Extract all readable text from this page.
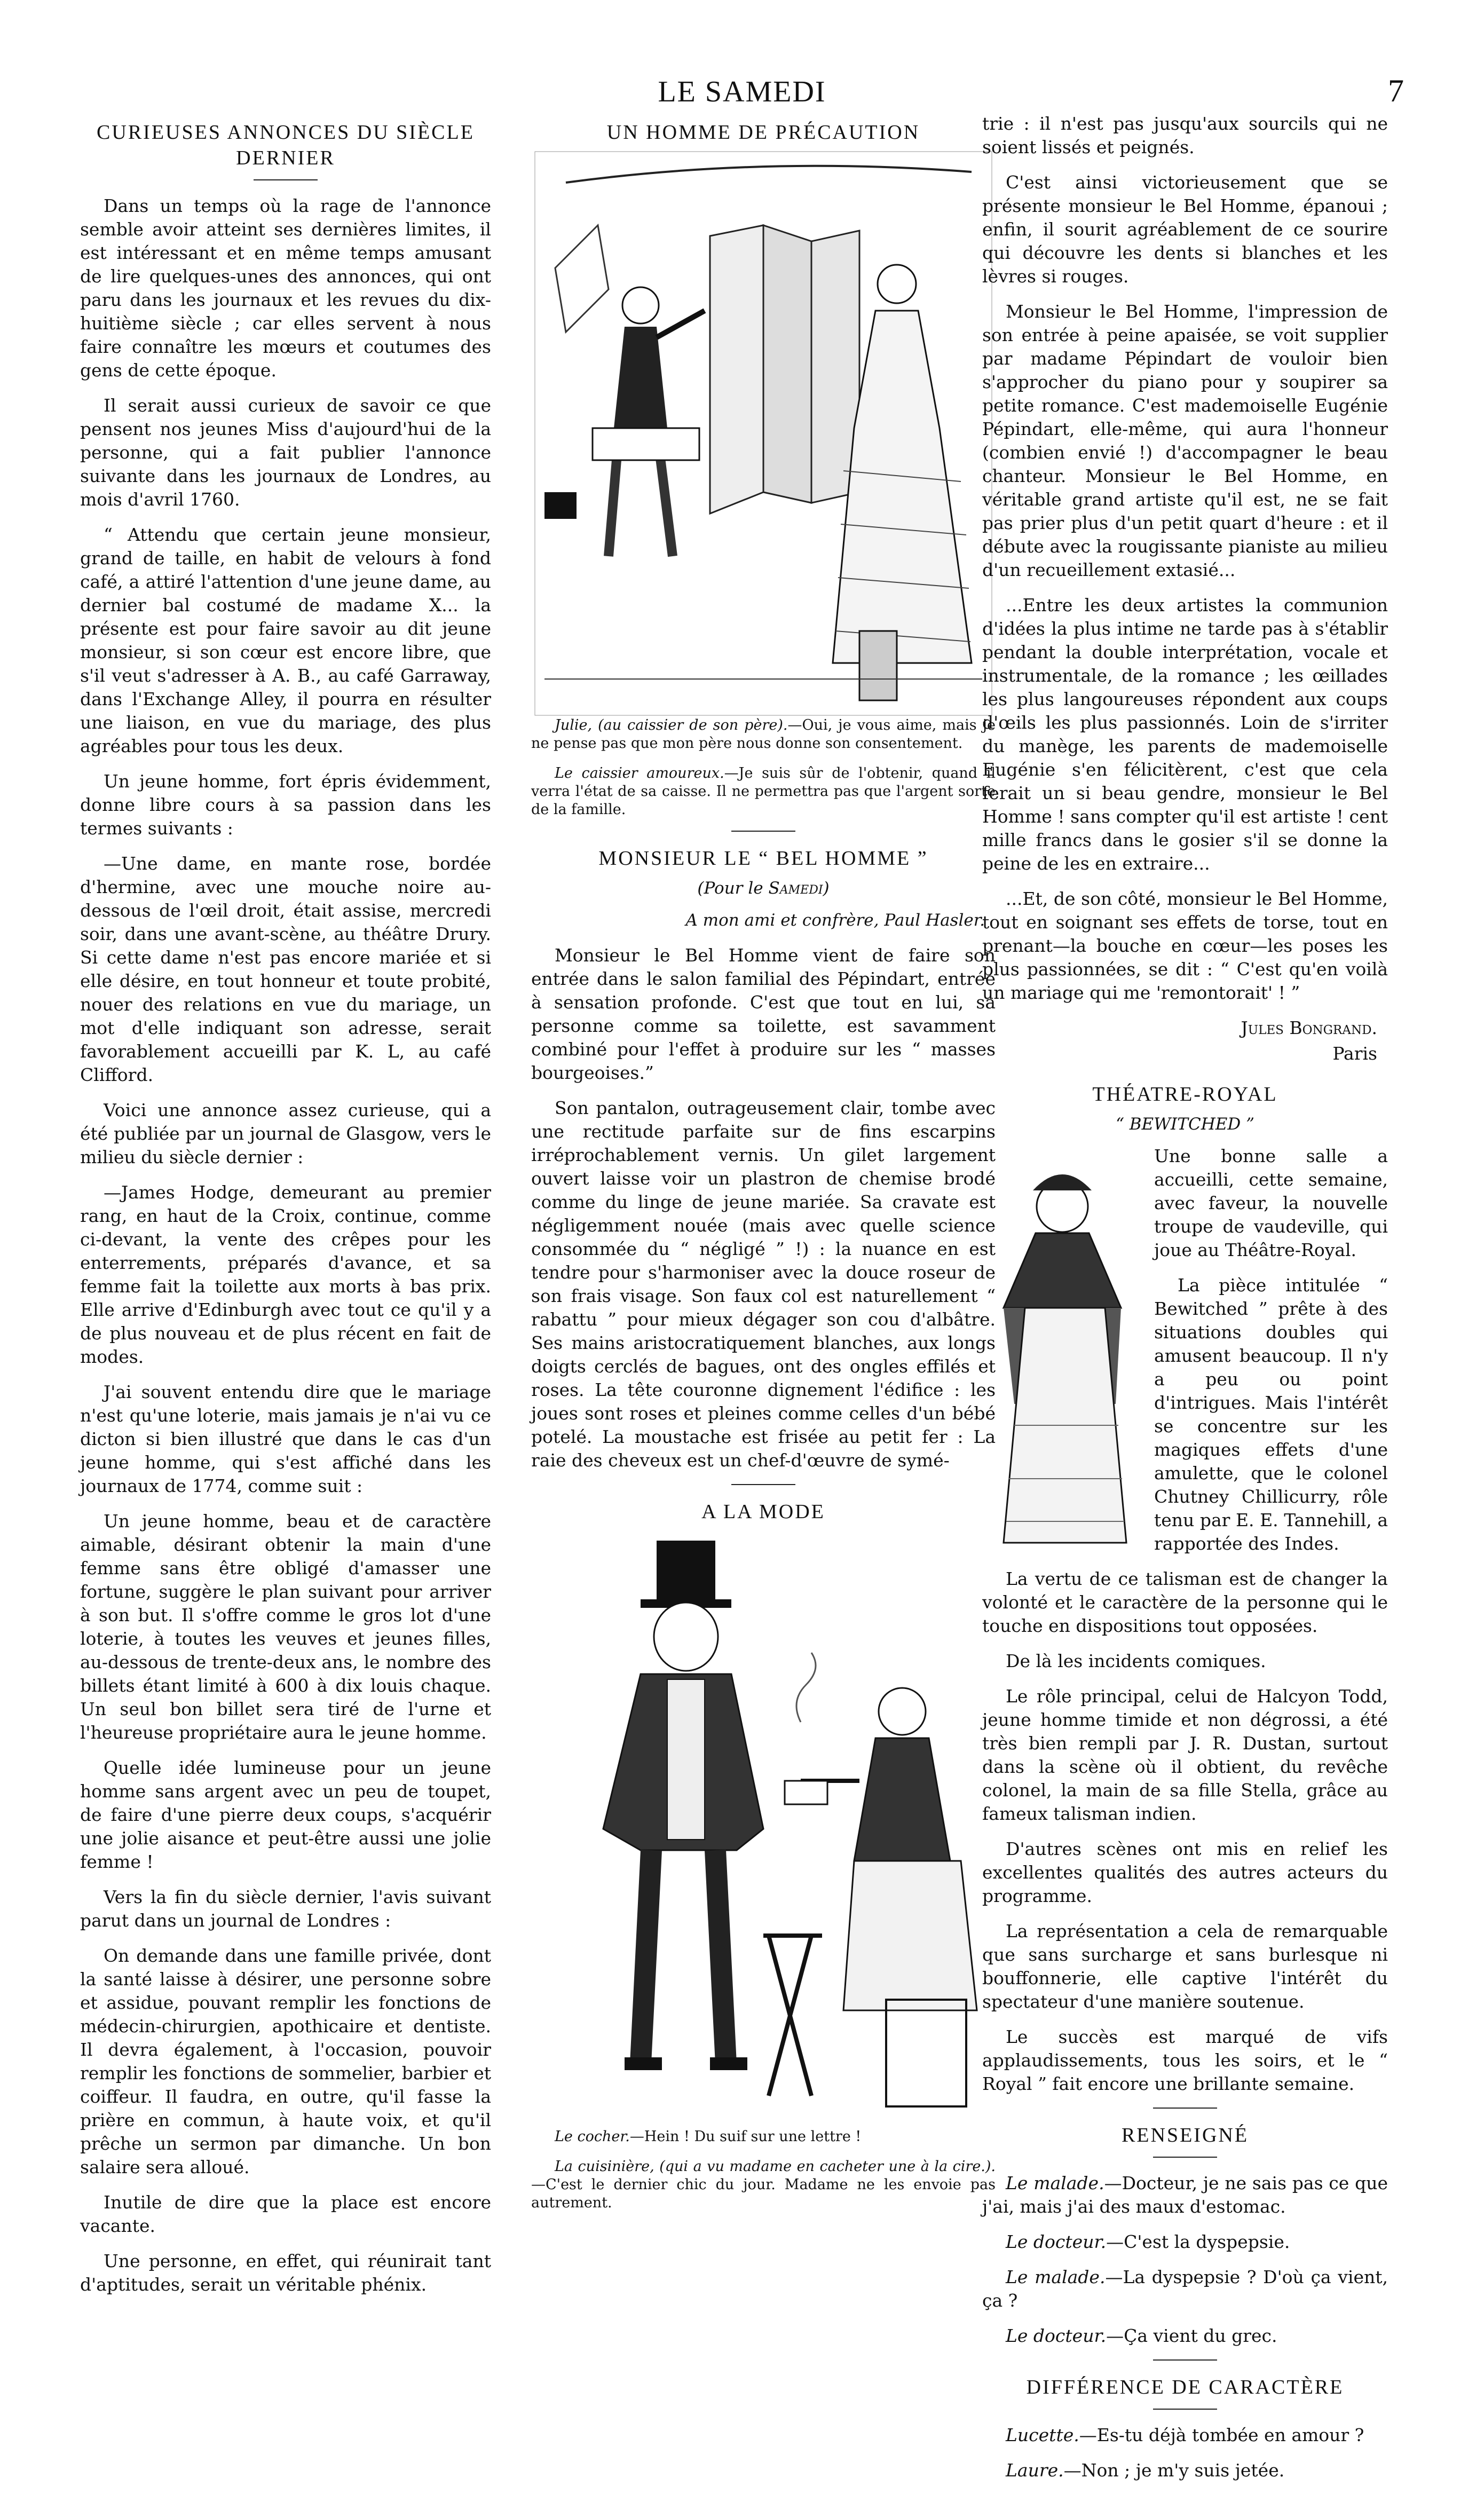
LE SAMEDI	7
CURIEUSES ANNONCES DU SIÈCLE DERNIER

Dans un temps où la rage de l'annonce semble avoir atteint ses dernières limites, il est intéressant et en même temps amusant de lire quelques-unes des annonces, qui ont paru dans les journaux et les revues du dix-huitième siècle ; car elles servent à nous faire connaître les mœurs et coutumes des gens de cette époque.

Il serait aussi curieux de savoir ce que pensent nos jeunes Miss d'aujourd'hui de la personne, qui a fait publier l'annonce suivante dans les journaux de Londres, au mois d'avril 1760.

“ Attendu que certain jeune monsieur, grand de taille, en habit de velours à fond café, a attiré l'attention d'une jeune dame, au dernier bal costumé de madame X... la présente est pour faire savoir au dit jeune monsieur, si son cœur est encore libre, que s'il veut s'adresser à A. B., au café Garraway, dans l'Exchange Alley, il pourra en résulter une liaison, en vue du mariage, des plus agréables pour tous les deux.

Un jeune homme, fort épris évidemment, donne libre cours à sa passion dans les termes suivants :

—Une dame, en mante rose, bordée d'hermine, avec une mouche noire au-dessous de l'œil droit, était assise, mercredi soir, dans une avant-scène, au théâtre Drury. Si cette dame n'est pas encore mariée et si elle désire, en tout honneur et toute probité, nouer des relations en vue du mariage, un mot d'elle indiquant son adresse, serait favorablement accueilli par K. L, au café Clifford.

Voici une annonce assez curieuse, qui a été publiée par un journal de Glasgow, vers le milieu du siècle dernier :

—James Hodge, demeurant au premier rang, en haut de la Croix, continue, comme ci-devant, la vente des crêpes pour les enterrements, préparés d'avance, et sa femme fait la toilette aux morts à bas prix. Elle arrive d'Edinburgh avec tout ce qu'il y a de plus nouveau et de plus récent en fait de modes.

J'ai souvent entendu dire que le mariage n'est qu'une loterie, mais jamais je n'ai vu ce dicton si bien illustré que dans le cas d'un jeune homme, qui s'est affiché dans les journaux de 1774, comme suit :

Un jeune homme, beau et de caractère aimable, désirant obtenir la main d'une femme sans être obligé d'amasser une fortune, suggère le plan suivant pour arriver à son but. Il s'offre comme le gros lot d'une loterie, à toutes les veuves et jeunes filles, au-dessous de trente-deux ans, le nombre des billets étant limité à 600 à dix louis chaque. Un seul bon billet sera tiré de l'urne et l'heureuse propriétaire aura le jeune homme.

Quelle idée lumineuse pour un jeune homme sans argent avec un peu de toupet, de faire d'une pierre deux coups, s'acquérir une jolie aisance et peut-être aussi une jolie femme !

Vers la fin du siècle dernier, l'avis suivant parut dans un journal de Londres :

On demande dans une famille privée, dont la santé laisse à désirer, une personne sobre et assidue, pouvant remplir les fonctions de médecin-chirurgien, apothicaire et dentiste. Il devra également, à l'occasion, pouvoir remplir les fonctions de sommelier, barbier et coiffeur. Il faudra, en outre, qu'il fasse la prière en commun, à haute voix, et qu'il prêche un sermon par dimanche. Un bon salaire sera alloué.

Inutile de dire que la place est encore vacante.

Une personne, en effet, qui réunirait tant d'aptitudes, serait un véritable phénix.

UN HOMME DE PRÉCAUTION

Julie, (au caissier de son père).—Oui, je vous aime, mais je ne pense pas que mon père nous donne son consentement.

Le caissier amoureux.—Je suis sûr de l'obtenir, quand il verra l'état de sa caisse. Il ne permettra pas que l'argent sorte de la famille.

MONSIEUR LE “ BEL HOMME ”
(Pour le Samedi)
A mon ami et confrère, Paul Hasler.

Monsieur le Bel Homme vient de faire son entrée dans le salon familial des Pépindart, entrée à sensation profonde. C'est que tout en lui, sa personne comme sa toilette, est savamment combiné pour l'effet à produire sur les “ masses bourgeoises.”

Son pantalon, outrageusement clair, tombe avec une rectitude parfaite sur de fins escarpins irréprochablement vernis. Un gilet largement ouvert laisse voir un plastron de chemise brodé comme du linge de jeune mariée. Sa cravate est négligemment nouée (mais avec quelle science consommée du “ négligé ” !) : la nuance en est tendre pour s'harmoniser avec la douce roseur de son frais visage. Son faux col est naturellement “ rabattu ” pour mieux dégager son cou d'albâtre. Ses mains aristocratiquement blanches, aux longs doigts cerclés de bagues, ont des ongles effilés et roses. La tête couronne dignement l'édifice : les joues sont roses et pleines comme celles d'un bébé potelé. La moustache est frisée au petit fer : La raie des cheveux est un chef-d'œuvre de symé-

A LA MODE

Le cocher.—Hein ! Du suif sur une lettre !

La cuisinière, (qui a vu madame en cacheter une à la cire.).—C'est le dernier chic du jour. Madame ne les envoie pas autrement.

trie : il n'est pas jusqu'aux sourcils qui ne soient lissés et peignés.

C'est ainsi victorieusement que se présente monsieur le Bel Homme, épanoui ; enfin, il sourit agréablement de ce sourire qui découvre les dents si blanches et les lèvres si rouges.

Monsieur le Bel Homme, l'impression de son entrée à peine apaisée, se voit supplier par madame Pépindart de vouloir bien s'approcher du piano pour y soupirer sa petite romance. C'est mademoiselle Eugénie Pépindart, elle-même, qui aura l'honneur (combien envié !) d'accompagner le beau chanteur. Monsieur le Bel Homme, en véritable grand artiste qu'il est, ne se fait pas prier plus d'un petit quart d'heure : et il débute avec la rougissante pianiste au milieu d'un recueillement extasié...

...Entre les deux artistes la communion d'idées la plus intime ne tarde pas à s'établir pendant la double interprétation, vocale et instrumentale, de la romance ; les œillades les plus langoureuses répondent aux coups d'œils les plus passionnés. Loin de s'irriter du manège, les parents de mademoiselle Eugénie s'en félicitèrent, c'est que cela ferait un si beau gendre, monsieur le Bel Homme ! sans compter qu'il est artiste ! cent mille francs dans le gosier s'il se donne la peine de les en extraire...

...Et, de son côté, monsieur le Bel Homme, tout en soignant ses effets de torse, tout en prenant—la bouche en cœur—les poses les plus passionnées, se dit : “ C'est qu'en voilà un mariage qui me 'remontorait' ! ”

Jules Bongrand.
Paris
THÉATRE-ROYAL
“ BEWITCHED ”

Une bonne salle a accueilli, cette semaine, avec faveur, la nouvelle troupe de vaudeville, qui joue au Théâtre-Royal.

La pièce intitulée “ Bewitched ” prête à des situations doubles qui amusent beaucoup. Il n'y a peu ou point d'intrigues. Mais l'intérêt se concentre sur les magiques effets d'une amulette, que le colonel Chutney Chillicurry, rôle tenu par E. E. Tannehill, a rapportée des Indes.

La vertu de ce talisman est de changer la volonté et le caractère de la personne qui le touche en dispositions tout opposées.

De là les incidents comiques.

Le rôle principal, celui de Halcyon Todd, jeune homme timide et non dégrossi, a été très bien rempli par J. R. Dustan, surtout dans la scène où il obtient, du revêche colonel, la main de sa fille Stella, grâce au fameux talisman indien.

D'autres scènes ont mis en relief les excellentes qualités des autres acteurs du programme.

La représentation a cela de remarquable que sans surcharge et sans burlesque ni bouffonnerie, elle captive l'intérêt du spectateur d'une manière soutenue.

Le succès est marqué de vifs applaudissements, tous les soirs, et le “ Royal ” fait encore une brillante semaine.

RENSEIGNÉ

Le malade.—Docteur, je ne sais pas ce que j'ai, mais j'ai des maux d'estomac.

Le docteur.—C'est la dyspepsie.

Le malade.—La dyspepsie ? D'où ça vient, ça ?

Le docteur.—Ça vient du grec.

DIFFÉRENCE DE CARACTÈRE

Lucette.—Es-tu déjà tombée en amour ?

Laure.—Non ; je m'y suis jetée.
